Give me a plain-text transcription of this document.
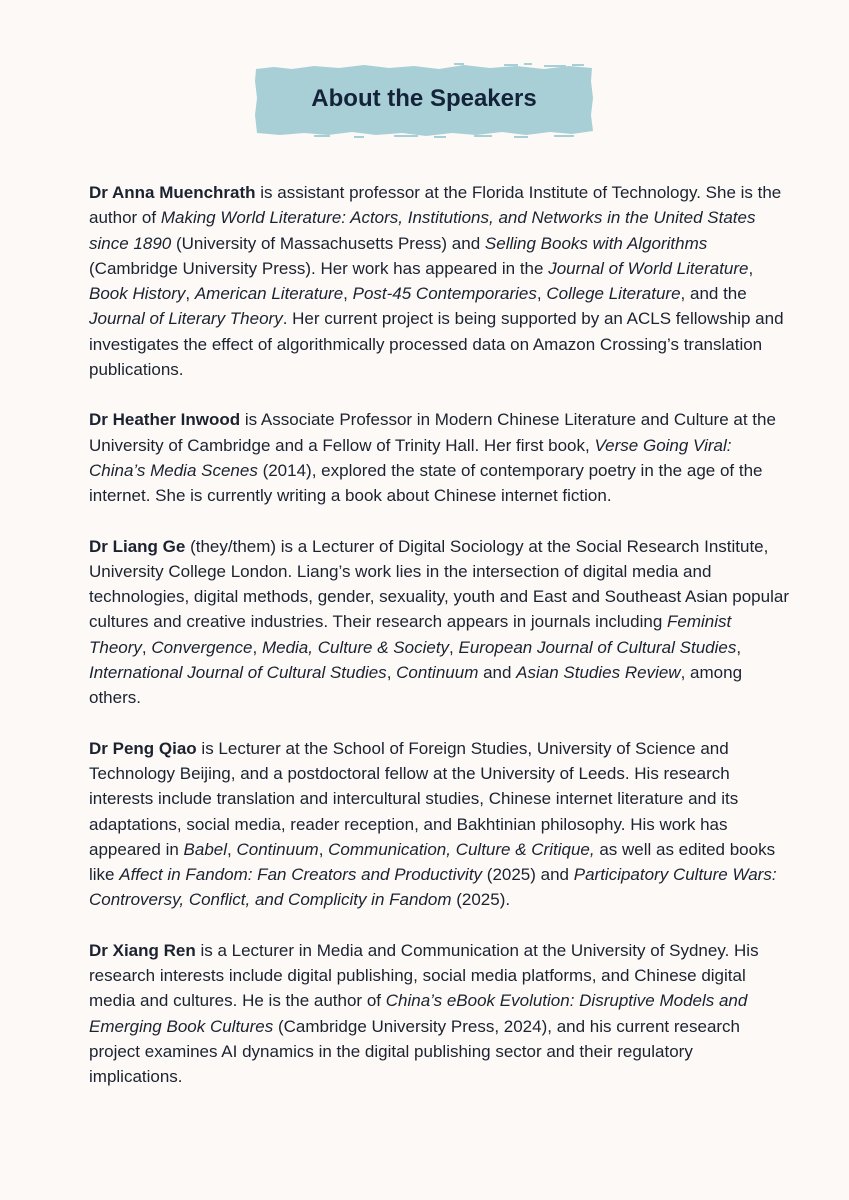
About the Speakers

Dr Anna Muenchrath is assistant professor at the Florida Institute of Technology. She is the author of Making World Literature: Actors, Institutions, and Networks in the United States since 1890 (University of Massachusetts Press) and Selling Books with Algorithms (Cambridge University Press). Her work has appeared in the Journal of World Literature, Book History, American Literature, Post-45 Contemporaries, College Literature, and the Journal of Literary Theory. Her current project is being supported by an ACLS fellowship and investigates the effect of algorithmically processed data on Amazon Crossing’s translation publications.

Dr Heather Inwood is Associate Professor in Modern Chinese Literature and Culture at the University of Cambridge and a Fellow of Trinity Hall. Her first book, Verse Going Viral: China’s Media Scenes (2014), explored the state of contemporary poetry in the age of the internet. She is currently writing a book about Chinese internet fiction.

Dr Liang Ge (they/them) is a Lecturer of Digital Sociology at the Social Research Institute, University College London. Liang’s work lies in the intersection of digital media and technologies, digital methods, gender, sexuality, youth and East and Southeast Asian popular cultures and creative industries. Their research appears in journals including Feminist Theory, Convergence, Media, Culture & Society, European Journal of Cultural Studies, International Journal of Cultural Studies, Continuum and Asian Studies Review, among others.

Dr Peng Qiao is Lecturer at the School of Foreign Studies, University of Science and Technology Beijing, and a postdoctoral fellow at the University of Leeds. His research interests include translation and intercultural studies, Chinese internet literature and its adaptations, social media, reader reception, and Bakhtinian philosophy. His work has appeared in Babel, Continuum, Communication, Culture & Critique, as well as edited books like Affect in Fandom: Fan Creators and Productivity (2025) and Participatory Culture Wars: Controversy, Conflict, and Complicity in Fandom (2025).

Dr Xiang Ren is a Lecturer in Media and Communication at the University of Sydney. His research interests include digital publishing, social media platforms, and Chinese digital media and cultures. He is the author of China’s eBook Evolution: Disruptive Models and Emerging Book Cultures (Cambridge University Press, 2024), and his current research project examines AI dynamics in the digital publishing sector and their regulatory implications.
